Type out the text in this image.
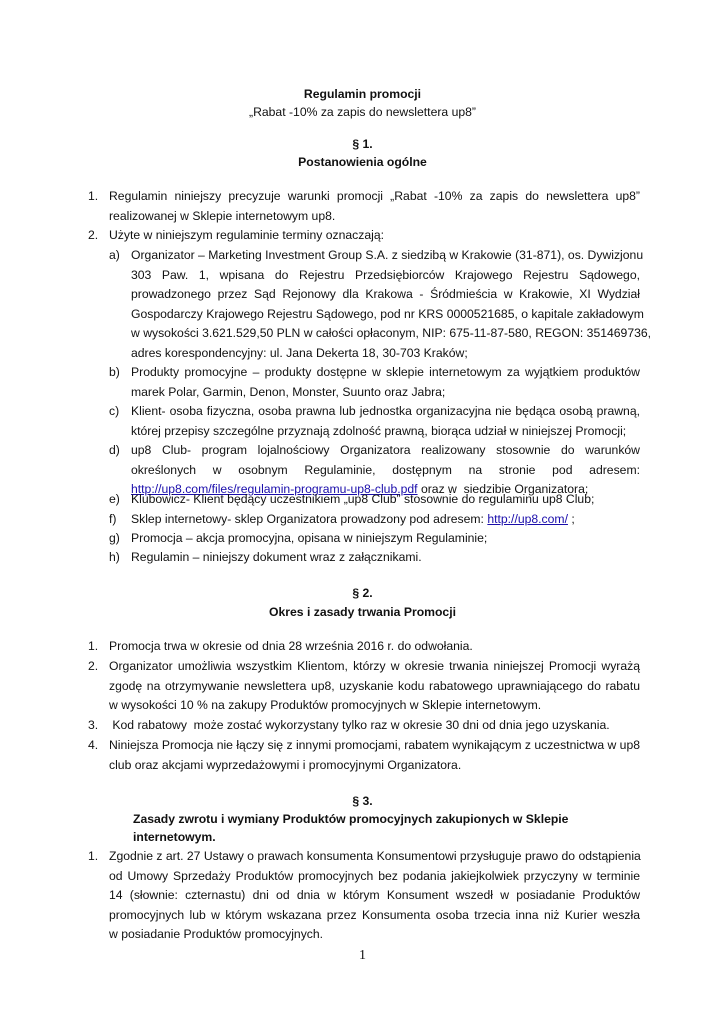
Regulamin promocji
„Rabat -10% za zapis do newslettera up8”
§ 1.
Postanowienia ogólne
1. Regulamin niniejszy precyzuje warunki promocji „Rabat -10% za zapis do newslettera up8”
realizowanej w Sklepie internetowym up8.
2. Użyte w niniejszym regulaminie terminy oznaczają:
a) Organizator – Marketing Investment Group S.A. z siedzibą w Krakowie (31-871), os. Dywizjonu
303 Paw. 1, wpisana do Rejestru Przedsiębiorców Krajowego Rejestru Sądowego,
prowadzonego przez Sąd Rejonowy dla Krakowa - Śródmieścia w Krakowie, XI Wydział
Gospodarczy Krajowego Rejestru Sądowego, pod nr KRS 0000521685, o kapitale zakładowym
w wysokości 3.621.529,50 PLN w całości opłaconym, NIP: 675-11-87-580, REGON: 351469736,
adres korespondencyjny: ul. Jana Dekerta 18, 30-703 Kraków;
b) Produkty promocyjne – produkty dostępne w sklepie internetowym za wyjątkiem produktów
marek Polar, Garmin, Denon, Monster, Suunto oraz Jabra;
c) Klient- osoba fizyczna, osoba prawna lub jednostka organizacyjna nie będąca osobą prawną,
której przepisy szczególne przyznają zdolność prawną, biorąca udział w niniejszej Promocji;
d) up8 Club- program lojalnościowy Organizatora realizowany stosownie do warunków
określonych w osobnym Regulaminie, dostępnym na stronie pod adresem:
http://up8.com/files/regulamin-programu-up8-club.pdf oraz w  siedzibie Organizatora;
e) Klubowicz- Klient będący uczestnikiem „up8 Club” stosownie do regulaminu up8 Club;
f) Sklep internetowy- sklep Organizatora prowadzony pod adresem: http://up8.com/ ;
g) Promocja – akcja promocyjna, opisana w niniejszym Regulaminie;
h) Regulamin – niniejszy dokument wraz z załącznikami.
§ 2.
Okres i zasady trwania Promocji
1. Promocja trwa w okresie od dnia 28 września 2016 r. do odwołania.
2. Organizator umożliwia wszystkim Klientom, którzy w okresie trwania niniejszej Promocji wyrażą
zgodę na otrzymywanie newslettera up8, uzyskanie kodu rabatowego uprawniającego do rabatu
w wysokości 10 % na zakupy Produktów promocyjnych w Sklepie internetowym.
3. Kod rabatowy  może zostać wykorzystany tylko raz w okresie 30 dni od dnia jego uzyskania.
4. Niniejsza Promocja nie łączy się z innymi promocjami, rabatem wynikającym z uczestnictwa w up8
club oraz akcjami wyprzedażowymi i promocyjnymi Organizatora.
§ 3.
Zasady zwrotu i wymiany Produktów promocyjnych zakupionych w Sklepie internetowym.
1. Zgodnie z art. 27 Ustawy o prawach konsumenta Konsumentowi przysługuje prawo do odstąpienia
od Umowy Sprzedaży Produktów promocyjnych bez podania jakiejkolwiek przyczyny w terminie
14 (słownie: czternastu) dni od dnia w którym Konsument wszedł w posiadanie Produktów
promocyjnych lub w którym wskazana przez Konsumenta osoba trzecia inna niż Kurier weszła
w posiadanie Produktów promocyjnych.
1
